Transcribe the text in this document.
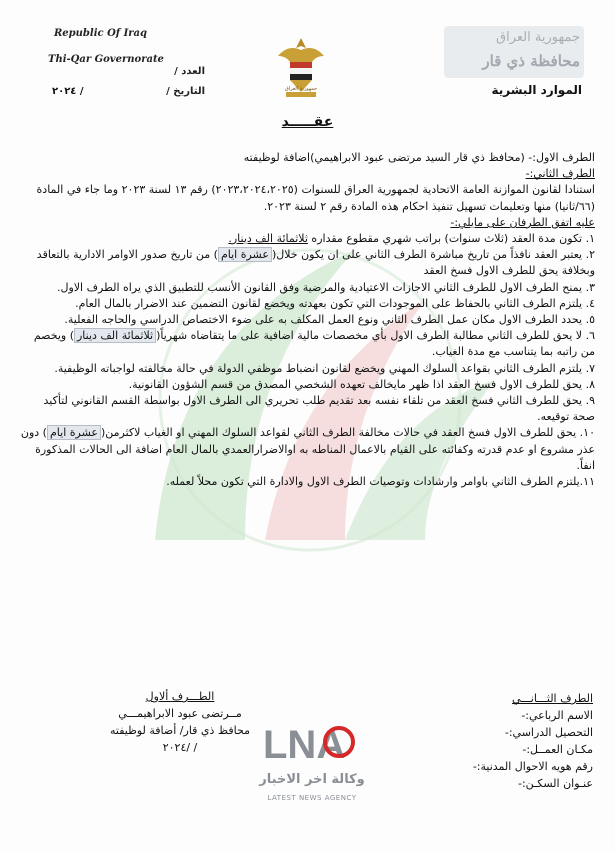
Republic Of Iraq
Thi-Qar Governorate
العدد /
التاريخ /
/ ٢٠٢٤	جمهورية العراق
جمهورية العراق
محافظة ذي قار
الموارد البشرية
عقـــــد

الطرف الاول:- (محافظ ذي قار السيد مرتضى عبود الابراهيمي)اضافة لوظيفته

الطرف الثاني:-

استنادا لقانون الموازنة العامة الاتحادية لجمهورية العراق للسنوات (٢٠٢٣،٢٠٢٤،٢٠٢٥) رقم ١٣ لسنة ٢٠٢٣ وما جاء في المادة (٦٦/ثانيا) منها وتعليمات تسهيل تنفيذ احكام هذه المادة رقم ٢ لسنة ٢٠٢٣.

عليه اتفق الطرفان على مايلي:-

١. تكون مدة العقد (ثلاث سنوات) براتب شهري مقطوع مقداره ثلاثمائة الف دينار.

٢. يعتبر العقد نافذاً من تاريخ مباشرة الطرف الثاني على ان يكون خلال(عشرة ايام) من تاريخ صدور الاوامر الادارية بالتعاقد وبخلافة يحق للطرف الاول فسخ العقد

٣. يمنح الطرف الاول للطرف الثاني الاجازات الاعتيادية والمرضية وفق القانون الأنسب للتطبيق الذي يراه الطرف الاول.

٤. يلتزم الطرف الثاني بالحفاظ على الموجودات التي تكون بعهدته ويخضع لقانون التضمين عند الاضرار بالمال العام.

٥. يحدد الطرف الاول مكان عمل الطرف الثاني ونوع العمل المكلف به على ضوء الاختصاص الدراسي والحاجه الفعلية.

٦. لا يحق للطرف الثاني مطالبة الطرف الاول بأي مخصصات مالية اضافية على ما يتقاضاه شهرياً(ثلاثمائة الف دينار) ويخصم من راتبه بما يتناسب مع مدة الغياب.

٧. يلتزم الطرف الثاني بقواعد السلوك المهني ويخضع لقانون انضباط موظفي الدولة في حالة مخالفته لواجباته الوظيفية.

٨. يحق للطرف الاول فسخ العقد اذا ظهر مايخالف تعهده الشخصي المصدق من قسم الشؤون القانونية.

٩. يحق للطرف الثاني فسخ العقد من تلقاء نفسه بعد تقديم طلب تحريري الى الطرف الاول بواسطة القسم القانوني لتأكيد صحة توقيعه.

١٠. يحق للطرف الاول فسخ العقد في حالات مخالفة الطرف الثاني لقواعد السلوك المهني او الغياب لاكثرمن(عشرة ايام) دون عذر مشروع او عدم قدرته وكفائته على القيام بالاعمال المناطه به اوالاضرارالعمدي بالمال العام اضافة الى الحالات المذكورة انفاً.

١١.يلتزم الطرف الثاني باوامر وارشادات وتوصيات الطرف الاول والادارة التي تكون محلاً لعمله.

الطـــرف ألاول
مــرتضى عبود الابراهيمـــي
محافظ ذي قار/ أضافة لوظيفته
/ /٢٠٢٤
الطرف الثـــانـــي
الاسم الرباعي:-
التحصيل الدراسي:-
مكـان العمــل:-
رقم هويه الاحوال المدنية:-
عنـوان السكـن:-
LNA
وكالة اخر الاخبار
LATEST NEWS AGENCY
